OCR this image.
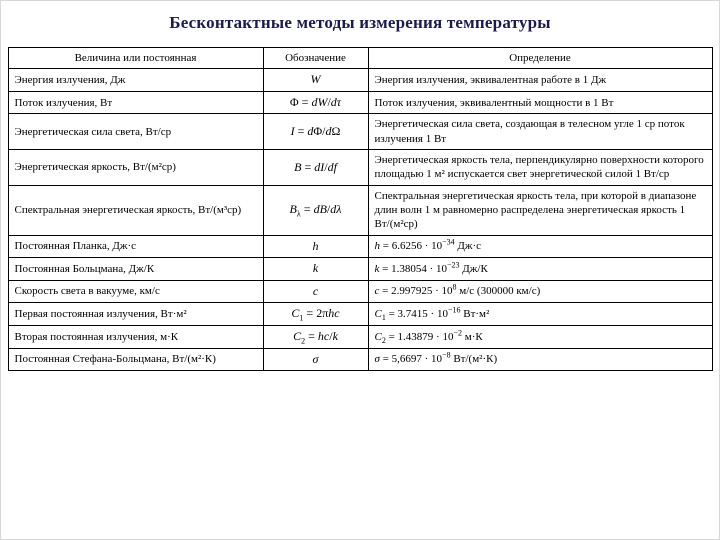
Бесконтактные методы измерения температуры
Величина или постоянная	Обозначение	Определение
Энергия излучения, Дж	W	Энергия излучения, эквивалентная работе в 1 Дж
Поток излучения, Вт	Φ = dW/dτ	Поток излучения, эквивалентный мощности в 1 Вт
Энергетическая сила света, Вт/ср	I = dΦ/dΩ	Энергетическая сила света, создающая в телесном угле 1 ср поток излучения 1 Вт
Энергетическая яркость, Вт/(м²ср)	B = dI/df	Энергетическая яркость тела, перпендикулярно поверхности которого площадью 1 м² испускается свет энергетической силой 1 Вт/ср
Спектральная энергетическая яркость, Вт/(м³ср)	$B_\lambda = dB/d\lambda$	Спектральная энергетическая яркость тела, при которой в диапазоне длин волн 1 м равномерно распределена энергетическая яркость 1 Вт/(м²ср)
Постоянная Планка, Дж·с	h	$h = 6.6256 \cdot 10^{-34}$ Дж·с
Постоянная Больцмана, Дж/К	k	$k = 1.38054 \cdot 10^{-23}$ Дж/К
Скорость света в вакууме, км/с	c	$c = 2.997925 \cdot 10^8$ м/с (300000 км/с)
Первая постоянная излучения, Вт·м²	$C_1 = 2\pi hc$	$C_1 = 3.7415 \cdot 10^{-16}$ Вт·м²
Вторая постоянная излучения, м·К	$C_2 = hc/k$	$C_2 = 1.43879 \cdot 10^{-2}$ м·К
Постоянная Стефана-Больцмана, Вт/(м²·К)	σ	$\sigma = 5,6697 \cdot 10^{-8}$ Вт/(м²·К)
